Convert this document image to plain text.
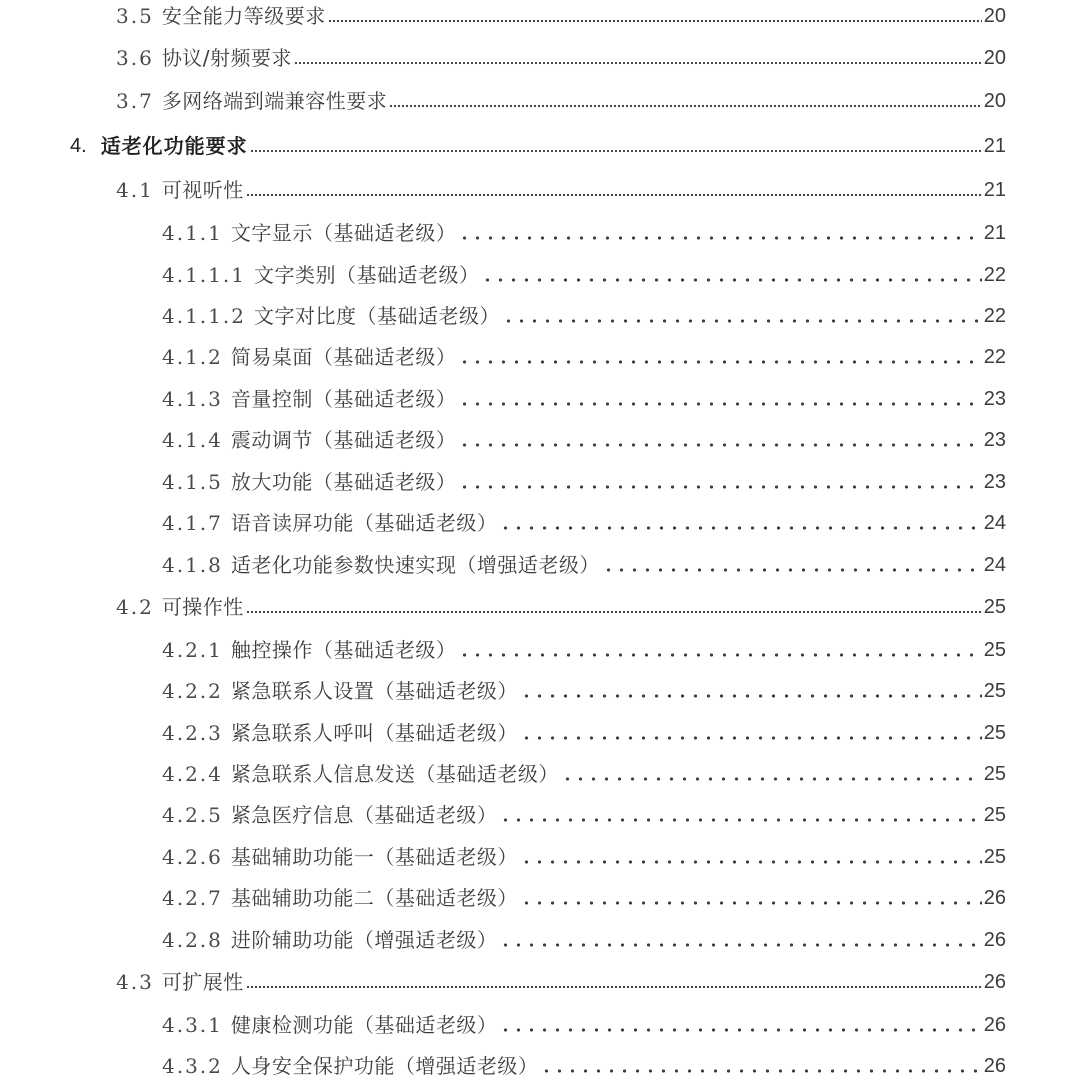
3.5 安全能力等级要求	20
3.6 协议/射频要求	20
3.7 多网络端到端兼容性要求	20
4. 适老化功能要求	21
4.1 可视听性	21
4.1.1 文字显示（基础适老级）	21
4.1.1.1 文字类别（基础适老级）	22
4.1.1.2 文字对比度（基础适老级）	22
4.1.2 简易桌面（基础适老级）	22
4.1.3 音量控制（基础适老级）	23
4.1.4 震动调节（基础适老级）	23
4.1.5 放大功能（基础适老级）	23
4.1.7 语音读屏功能（基础适老级）	24
4.1.8 适老化功能参数快速实现（增强适老级）	24
4.2 可操作性	25
4.2.1 触控操作（基础适老级）	25
4.2.2 紧急联系人设置（基础适老级）	25
4.2.3 紧急联系人呼叫（基础适老级）	25
4.2.4 紧急联系人信息发送（基础适老级）	25
4.2.5 紧急医疗信息（基础适老级）	25
4.2.6 基础辅助功能一（基础适老级）	25
4.2.7 基础辅助功能二（基础适老级）	26
4.2.8 进阶辅助功能（增强适老级）	26
4.3 可扩展性	26
4.3.1 健康检测功能（基础适老级）	26
4.3.2 人身安全保护功能（增强适老级）	26
